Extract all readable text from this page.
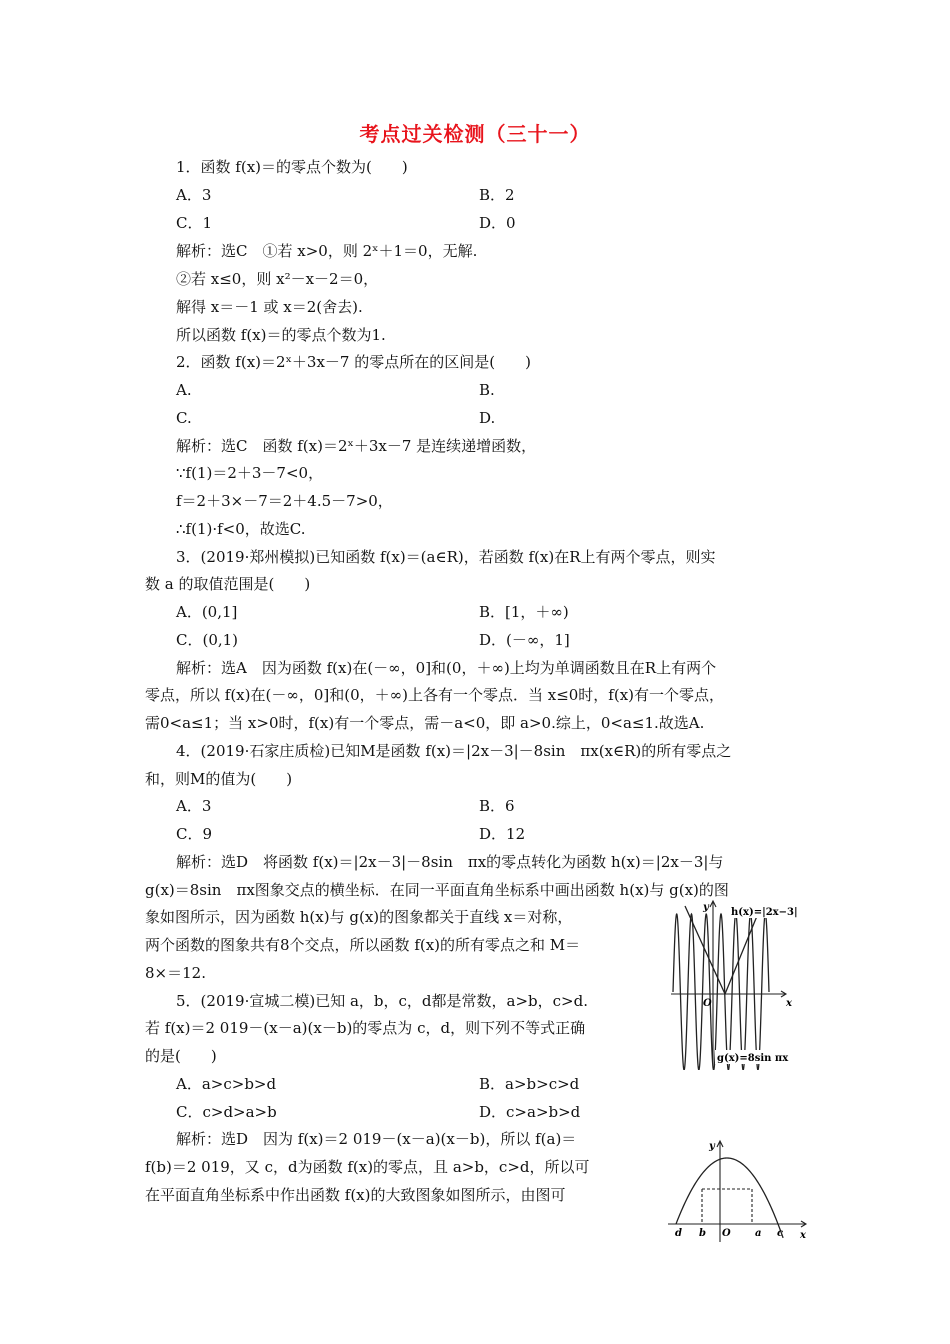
考点过关检测（三十一）
1．函数 f(x)＝的零点个数为(　　)
A．3	B．2
C．1	D．0
解析：选C　①若 x>0，则 2ˣ＋1＝0，无解.
②若 x≤0，则 x²－x－2＝0，
解得 x＝－1 或 x＝2(舍去).
所以函数 f(x)＝的零点个数为1.
2．函数 f(x)＝2ˣ＋3x－7 的零点所在的区间是(　　)
A.	B.
C.	D.
解析：选C　函数 f(x)＝2ˣ＋3x－7 是连续递增函数，
∵f(1)＝2＋3－7<0，
f＝2＋3×－7＝2＋4.5－7>0，
∴f(1)·f<0，故选C.
3．(2019·郑州模拟)已知函数 f(x)＝(a∈R)，若函数 f(x)在R上有两个零点，则实
数 a 的取值范围是(　　)
A．(0,1]	B．[1，＋∞)
C．(0,1)	D．(－∞，1]
解析：选A　因为函数 f(x)在(－∞，0]和(0，＋∞)上均为单调函数且在R上有两个
零点，所以 f(x)在(－∞，0]和(0，＋∞)上各有一个零点．当 x≤0时，f(x)有一个零点，
需0<a≤1；当 x>0时，f(x)有一个零点，需－a<0，即 a>0.综上，0<a≤1.故选A.
4．(2019·石家庄质检)已知M是函数 f(x)＝|2x－3|－8sin　πx(x∈R)的所有零点之
和，则M的值为(　　)
A．3	B．6
C．9	D．12
解析：选D　将函数 f(x)＝|2x－3|－8sin　πx的零点转化为函数 h(x)＝|2x－3|与
g(x)＝8sin　πx图象交点的横坐标．在同一平面直角坐标系中画出函数 h(x)与 g(x)的图
象如图所示，因为函数 h(x)与 g(x)的图象都关于直线 x＝对称，
两个函数的图象共有8个交点，所以函数 f(x)的所有零点之和 M＝
8×＝12.
5．(2019·宣城二模)已知 a，b，c，d都是常数，a>b，c>d.
若 f(x)＝2 019－(x－a)(x－b)的零点为 c，d，则下列不等式正确
的是(　　)
A．a>c>b>d	B．a>b>c>d
C．c>d>a>b	D．c>a>b>d
解析：选D　因为 f(x)＝2 019－(x－a)(x－b)，所以 f(a)＝
f(b)＝2 019，又 c，d为函数 f(x)的零点，且 a>b，c>d，所以可
在平面直角坐标系中作出函数 f(x)的大致图象如图所示，由图可
y
x
O
h(x)=|2x−3|
g(x)=8sin πx
y
x
O
d b	a c
